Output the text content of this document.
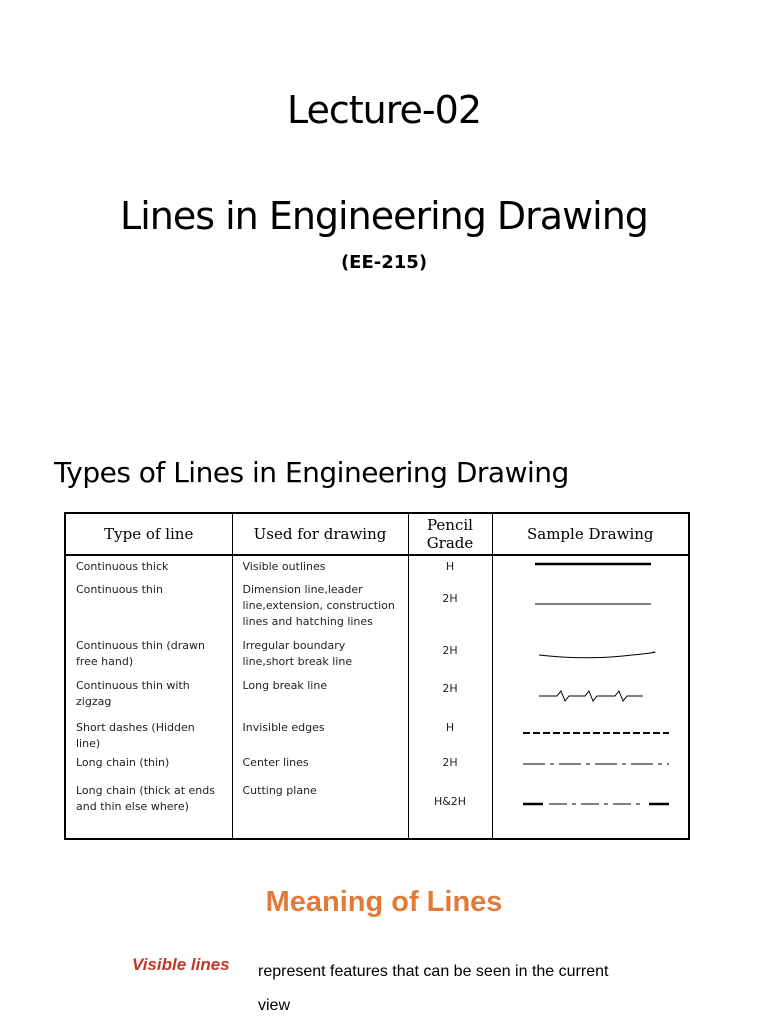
Lecture-02
Lines in Engineering Drawing
(EE-215)
Types of Lines in Engineering Drawing
Type of line	Used for drawing	Pencil Grade	Sample Drawing
Continuous thick	Visible outlines	H	

Continuous thin	Dimension line,leader line,extension, construction lines and hatching lines	2H	

Continuous thin (drawn free hand)	Irregular boundary line,short break line	2H	

Continuous thin with zigzag	Long break line	2H	

Short dashes (Hidden line)	Invisible edges	H	

Long chain (thin)	Center lines	2H	

Long chain (thick at ends and thin else where)	Cutting plane	H&2H	
Meaning of Lines
Visible lines represent features that can be seen in the current view
